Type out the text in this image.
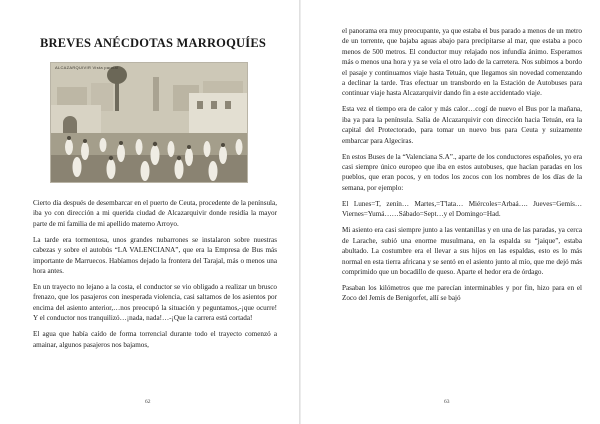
BREVES ANÉCDOTAS MARROQUÍES
ALCAZARQUIVIR Vista parcial

Cierto día después de desembarcar en el puerto de Ceuta, procedente de la península, iba yo con dirección a mi querida ciudad de Alcazarquivir donde residía la mayor parte de mi familia de mi apellido materno Arroyo.

La tarde era tormentosa, unos grandes nubarrones se instalaron sobre nuestras cabezas y sobre el autobús “LA VALENCIANA”, que era la Empresa de Bus más importante de Marruecos. Habíamos dejado la frontera del Tarajal, más o menos una hora antes.

En un trayecto no lejano a la costa, el conductor se vio obligado a realizar un brusco frenazo, que los pasajeros con inesperada violencia, casi saltamos de los asientos por encima del asiento anterior,…nos preocupó la situación y peguntamos,-¡que ocurre! Y el conductor nos tranquilizó…¡nada, nada!…-¡Que la carrera está cortada!

El agua que había caído de forma torrencial durante todo el trayecto comenzó a amainar, algunos pasajeros nos bajamos,

62

el panorama era muy preocupante, ya que estaba el bus parado a menos de un metro de un torrente, que bajaba aguas abajo para precipitarse al mar, que estaba a poco menos de 500 metros. El conductor muy relajado nos infundía ánimo. Esperamos más o menos una hora y ya se veía el otro lado de la carretera. Nos subimos a bordo el pasaje y continuamos viaje hasta Tetuán, que llegamos sin novedad comenzando a declinar la tarde. Tras efectuar un transbordo en la Estación de Autobuses para continuar viaje hasta Alcazarquivir dando fin a este accidentado viaje.

Esta vez el tiempo era de calor y más calor…cogí de nuevo el Bus por la mañana, iba ya para la península. Salía de Alcazarquivir con dirección hacia Tetuán, era la capital del Protectorado, para tomar un nuevo bus para Ceuta y suizamente embarcar para Algeciras.

En estos Buses de la “Valenciana S.A”., aparte de los conductores españoles, yo era casi siempre único europeo que iba en estos autobuses, que hacían paradas en los pueblos, que eran pocos, y en todos los zocos con los nombres de los días de la semana, por ejemplo:

El Lunes=T, zenín… Martes,=T'lata… Miércoles=Arbaá…. Jueves=Gemís… Viernes=Yumá……Sábado=Sept…y el Domingo=Had.

Mi asiento era casi siempre junto a las ventanillas y en una de las paradas, ya cerca de Larache, subió una enorme musulmana, en la espalda su “jaique”, estaba abultado. La costumbre era el llevar a sus hijos en las espaldas, esto es lo más normal en esta tierra africana y se sentó en el asiento junto al mío, que me dejó más comprimido que un bocadillo de queso. Aparte el hedor era de órdago.

Pasaban los kilómetros que me parecían interminables y por fin, hizo para en el Zoco del Jemís de Benigorfet, allí se bajó

63
